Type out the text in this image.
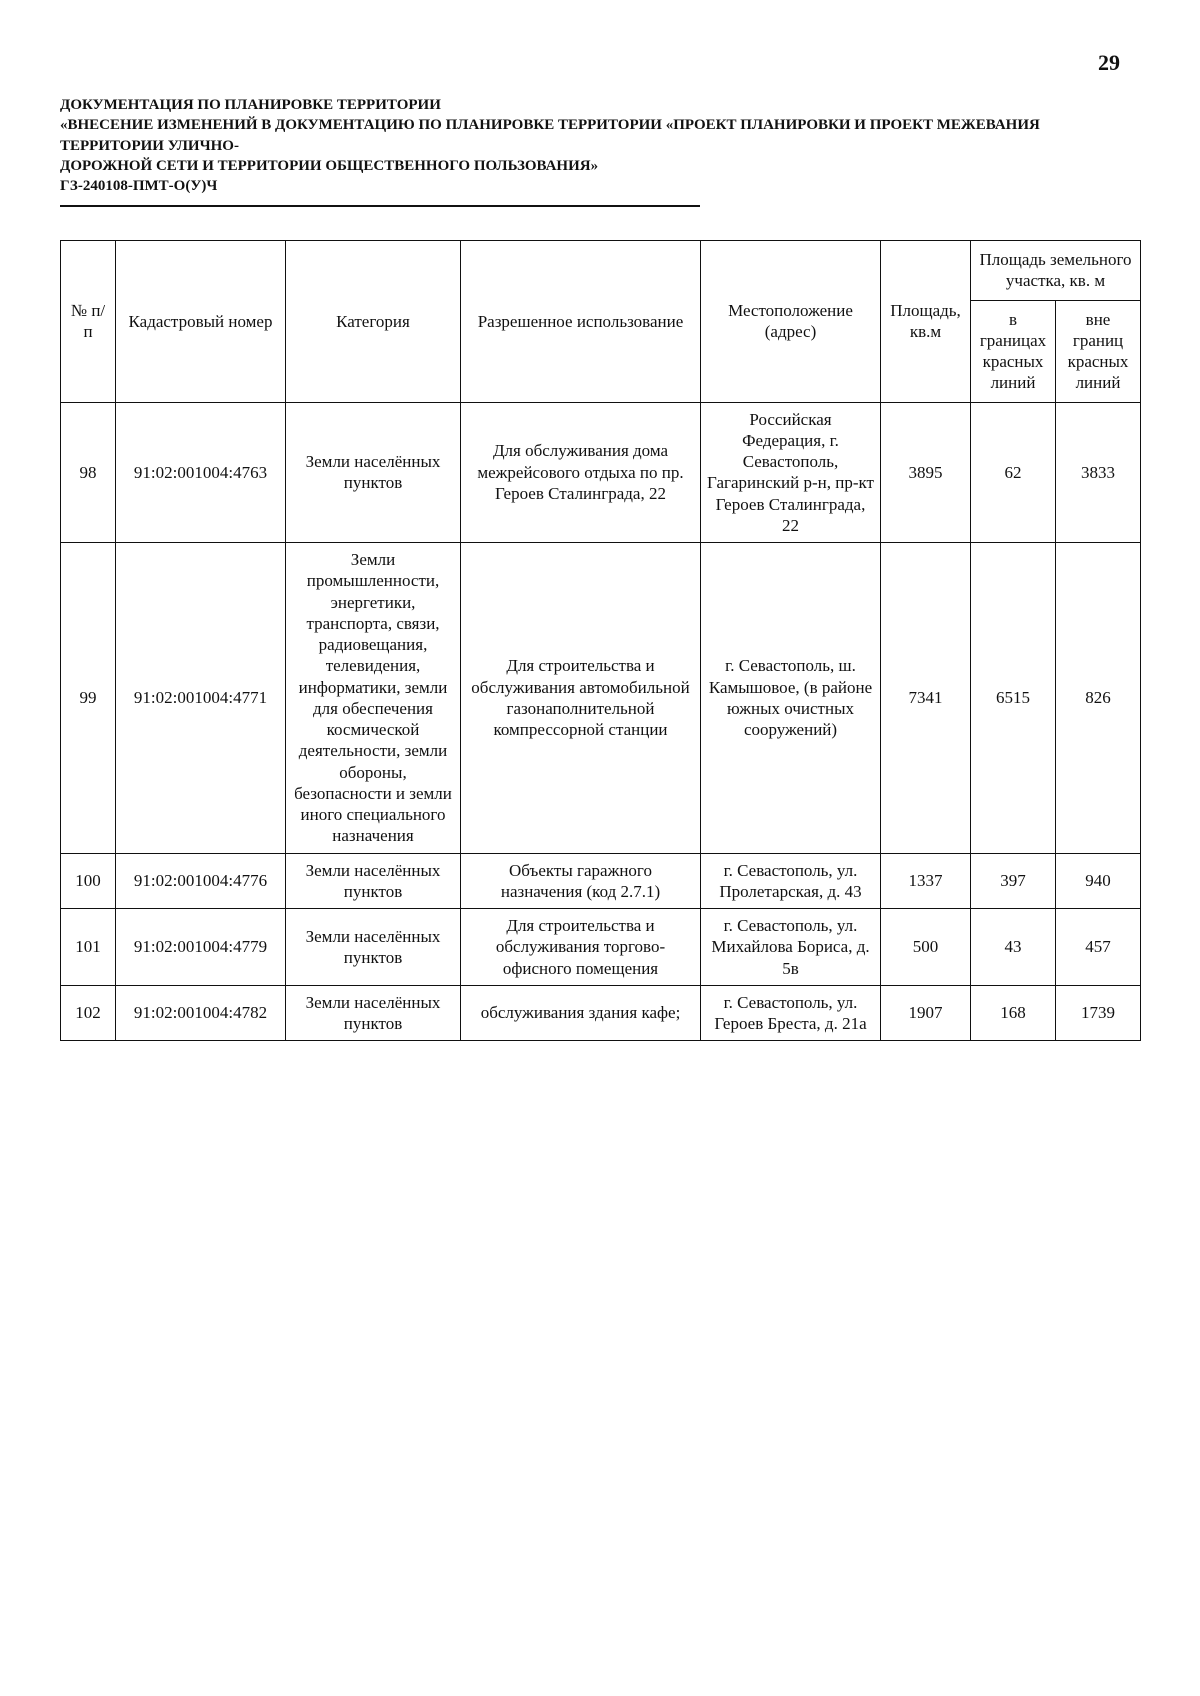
29
ДОКУМЕНТАЦИЯ ПО ПЛАНИРОВКЕ ТЕРРИТОРИИ
«ВНЕСЕНИЕ ИЗМЕНЕНИЙ В ДОКУМЕНТАЦИЮ ПО ПЛАНИРОВКЕ ТЕРРИТОРИИ «ПРОЕКТ ПЛАНИРОВКИ И ПРОЕКТ МЕЖЕВАНИЯ ТЕРРИТОРИИ УЛИЧНО-
ДОРОЖНОЙ СЕТИ И ТЕРРИТОРИИ ОБЩЕСТВЕННОГО ПОЛЬЗОВАНИЯ»
ГЗ-240108-ПМТ-О(У)Ч
№ п/п	Кадастровый номер	Категория	Разрешенное использование	Местоположение (адрес)	Площадь, кв.м	Площадь земельного участка, кв. м	
						в границах красных линий	вне границ красных линий
98	91:02:001004:4763	Земли населённых пунктов	Для обслуживания дома межрейсового отдыха по пр. Героев Сталинграда, 22	Российская Федерация, г. Севастополь, Гагаринский р-н, пр-кт Героев Сталинграда, 22	3895	62	3833
99	91:02:001004:4771	Земли промышленности, энергетики, транспорта, связи, радиовещания, телевидения, информатики, земли для обеспечения космической деятельности, земли обороны, безопасности и земли иного специального назначения	Для строительства и обслуживания автомобильной газонаполнительной компрессорной станции	г. Севастополь, ш. Камышовое, (в районе южных очистных сооружений)	7341	6515	826
100	91:02:001004:4776	Земли населённых пунктов	Объекты гаражного назначения (код 2.7.1)	г. Севастополь, ул. Пролетарская, д. 43	1337	397	940
101	91:02:001004:4779	Земли населённых пунктов	Для строительства и обслуживания торгово-офисного помещения	г. Севастополь, ул. Михайлова Бориса, д. 5в	500	43	457
102	91:02:001004:4782	Земли населённых пунктов	обслуживания здания кафе;	г. Севастополь, ул. Героев Бреста, д. 21а	1907	168	1739
